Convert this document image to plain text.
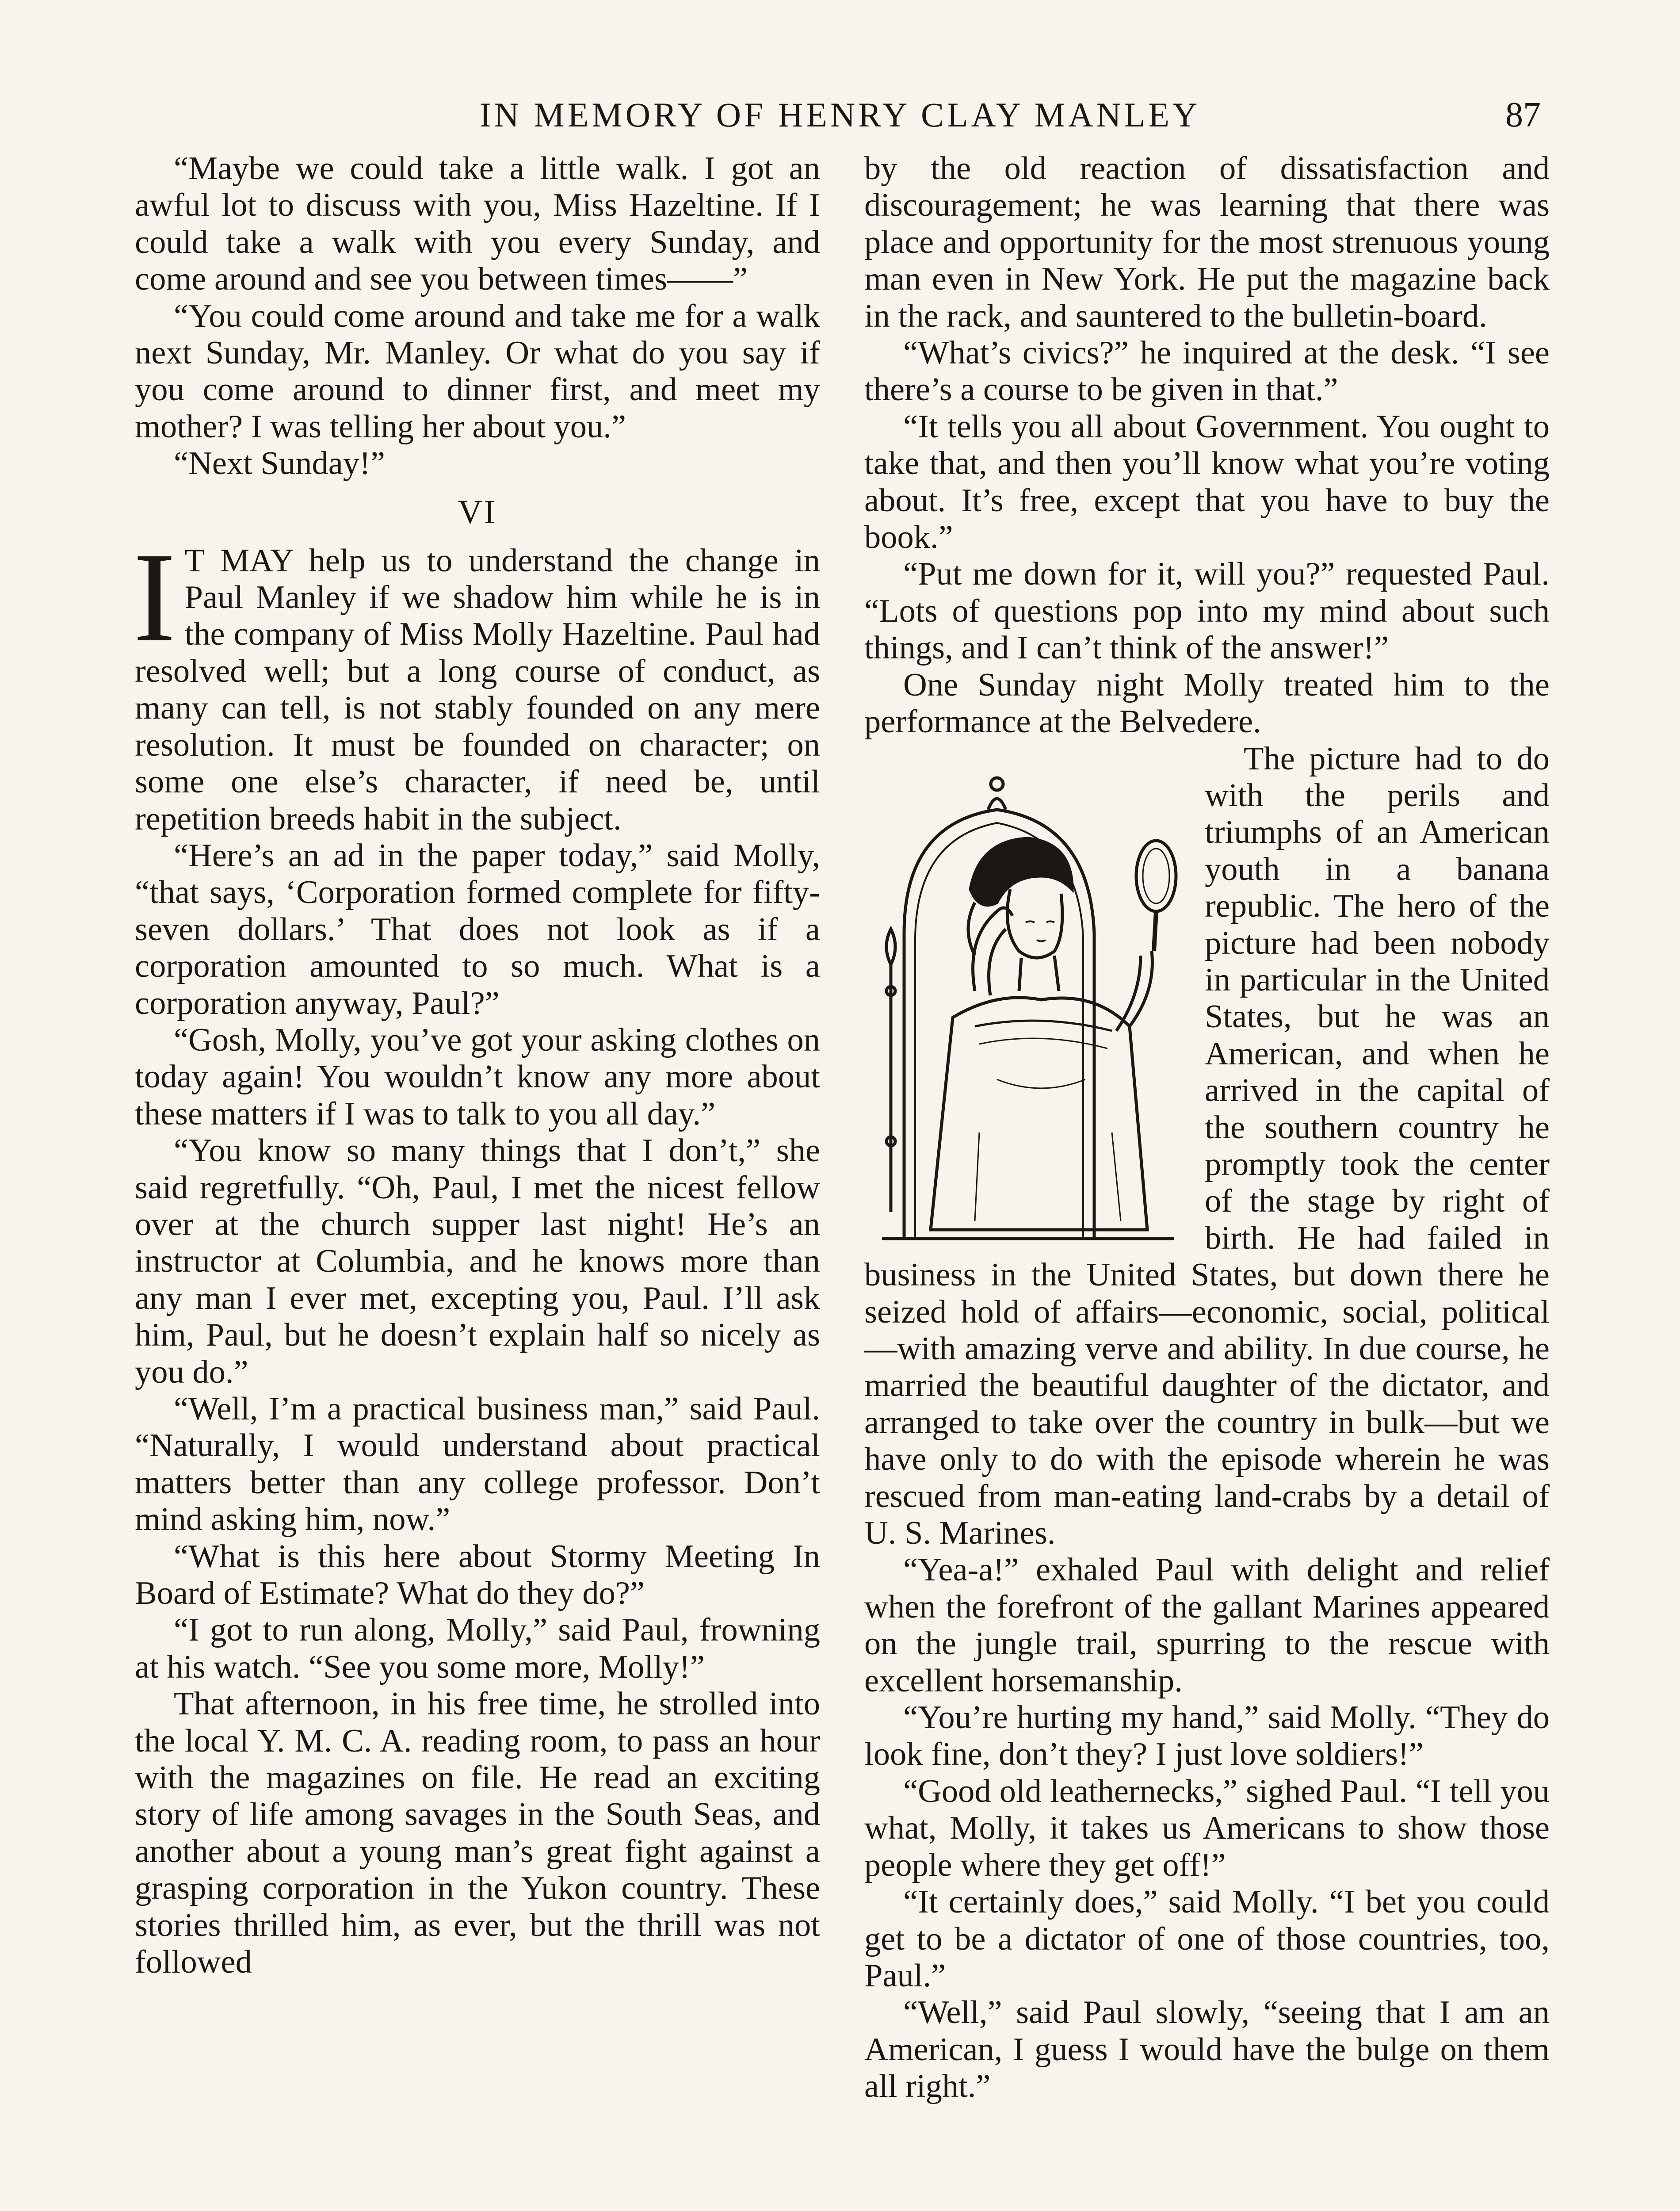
IN MEMORY OF HENRY CLAY MANLEY	87

“Maybe we could take a little walk. I got an awful lot to discuss with you, Miss Hazeltine. If I could take a walk with you every Sunday, and come around and see you between times——”

“You could come around and take me for a walk next Sunday, Mr. Manley. Or what do you say if you come around to dinner first, and meet my mother? I was telling her about you.”

“Next Sunday!”

VI

I T MAY help us to understand the change in Paul Manley if we shadow him while he is in the company of Miss Molly Hazeltine. Paul had resolved well; but a long course of conduct, as many can tell, is not stably founded on any mere resolution. It must be founded on character; on some one else’s character, if need be, until repetition breeds habit in the subject.

“Here’s an ad in the paper today,” said Molly, “that says, ‘Corporation formed complete for fifty-seven dollars.’ That does not look as if a corporation amounted to so much. What is a corporation anyway, Paul?”

“Gosh, Molly, you’ve got your asking clothes on today again! You wouldn’t know any more about these matters if I was to talk to you all day.”

“You know so many things that I don’t,” she said regretfully. “Oh, Paul, I met the nicest fellow over at the church supper last night! He’s an instructor at Columbia, and he knows more than any man I ever met, excepting you, Paul. I’ll ask him, Paul, but he doesn’t explain half so nicely as you do.”

“Well, I’m a practical business man,” said Paul. “Naturally, I would understand about practical matters better than any college professor. Don’t mind asking him, now.”

“What is this here about Stormy Meeting In Board of Estimate? What do they do?”

“I got to run along, Molly,” said Paul, frowning at his watch. “See you some more, Molly!”

That afternoon, in his free time, he strolled into the local Y. M. C. A. reading room, to pass an hour with the magazines on file. He read an exciting story of life among savages in the South Seas, and another about a young man’s great fight against a grasping corporation in the Yukon country. These stories thrilled him, as ever, but the thrill was not followed

by the old reaction of dissatisfaction and discouragement; he was learning that there was place and opportunity for the most strenuous young man even in New York. He put the magazine back in the rack, and sauntered to the bulletin-board.

“What’s civics?” he inquired at the desk. “I see there’s a course to be given in that.”

“It tells you all about Government. You ought to take that, and then you’ll know what you’re voting about. It’s free, except that you have to buy the book.”

“Put me down for it, will you?” requested Paul. “Lots of questions pop into my mind about such things, and I can’t think of the answer!”

One Sunday night Molly treated him to the performance at the Belvedere.

The picture had to do with the perils and triumphs of an American youth in a banana republic. The hero of the picture had been nobody in particular in the United States, but he was an American, and when he arrived in the capital of the southern country he promptly took the center of the stage by right of birth. He had failed in business in the United States, but down there he seized hold of affairs—economic, social, political—with amazing verve and ability. In due course, he married the beautiful daughter of the dictator, and arranged to take over the country in bulk—but we have only to do with the episode wherein he was rescued from man-eating land-crabs by a detail of U. S. Marines.

“Yea-a!” exhaled Paul with delight and relief when the forefront of the gallant Marines appeared on the jungle trail, spurring to the rescue with excellent horsemanship.

“You’re hurting my hand,” said Molly. “They do look fine, don’t they? I just love soldiers!”

“Good old leathernecks,” sighed Paul. “I tell you what, Molly, it takes us Americans to show those people where they get off!”

“It certainly does,” said Molly. “I bet you could get to be a dictator of one of those countries, too, Paul.”

“Well,” said Paul slowly, “seeing that I am an American, I guess I would have the bulge on them all right.”
